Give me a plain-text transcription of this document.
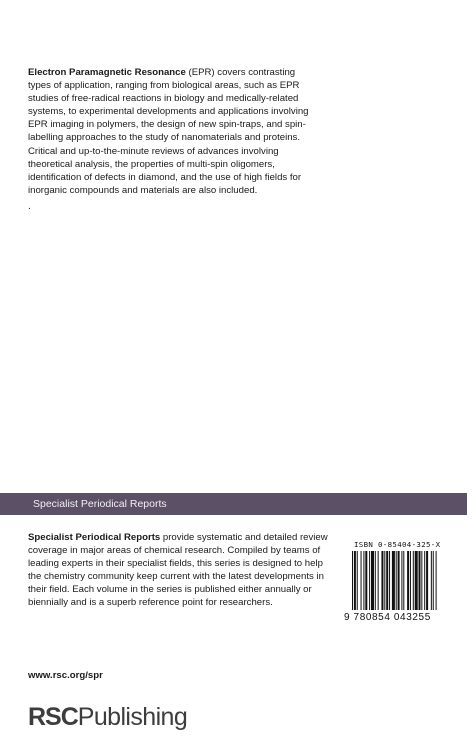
Electron Paramagnetic Resonance (EPR) covers contrasting types of application, ranging from biological areas, such as EPR studies of free-radical reactions in biology and medically-related systems, to experimental developments and applications involving EPR imaging in polymers, the design of new spin-traps, and spin-labelling approaches to the study of nanomaterials and proteins. Critical and up-to-the-minute reviews of advances involving theoretical analysis, the properties of multi-spin oligomers, identification of defects in diamond, and the use of high fields for inorganic compounds and materials are also included.
.
Specialist Periodical Reports
Specialist Periodical Reports provide systematic and detailed review coverage in major areas of chemical research. Compiled by teams of leading experts in their specialist fields, this series is designed to help the chemistry community keep current with the latest developments in their field. Each volume in the series is published either annually or biennially and is a superb reference point for researchers.
ISBN 0-85404-325-X
9 780854 043255
www.rsc.org/spr
RSCPublishing
